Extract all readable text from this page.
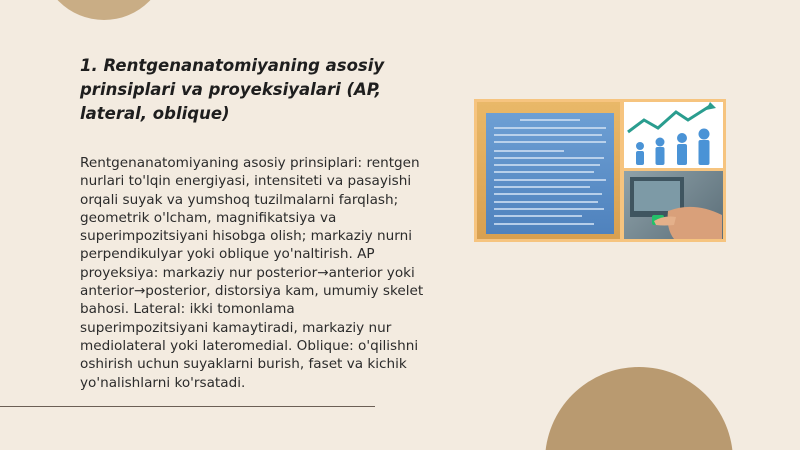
1. Rentgenanatomiyaning asosiy prinsiplari va proyeksiyalari (AP, lateral, oblique)

Rentgenanatomiyaning asosiy prinsiplari: rentgen nurlari to'lqin energiyasi, intensiteti va pasayishi orqali suyak va yumshoq tuzilmalarni farqlash; geometrik o'lcham, magnifikatsiya va superimpozitsiyani hisobga olish; markaziy nurni perpendikulyar yoki oblique yo'naltirish. AP proyeksiya: markaziy nur posterior→anterior yoki anterior→posterior, distorsiya kam, umumiy skelet bahosi. Lateral: ikki tomonlama superimpozitsiyani kamaytiradi, markaziy nur mediolateral yoki lateromedial. Oblique: o'qilishni oshirish uchun suyaklarni burish, faset va kichik yo'nalishlarni ko'rsatadi.
